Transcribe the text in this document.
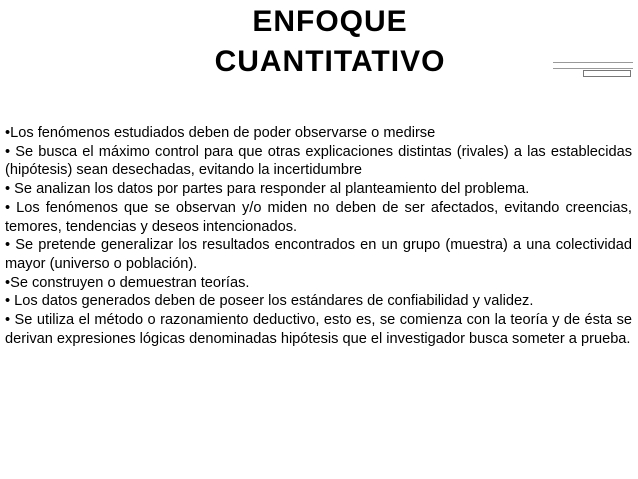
ENFOQUE
CUANTITATIVO

•Los fenómenos estudiados deben de poder observarse o medirse

• Se busca el máximo control para que otras explicaciones distintas (rivales) a las establecidas (hipótesis) sean desechadas, evitando la incertidumbre

• Se analizan los datos por partes para responder al planteamiento del problema.

• Los fenómenos que se observan y/o miden no deben de ser afectados, evitando creencias, temores, tendencias y deseos intencionados.

• Se pretende generalizar los resultados encontrados en un grupo (muestra) a una colectividad mayor (universo o población).

•Se construyen o demuestran teorías.

• Los datos generados deben de poseer los estándares de confiabilidad y validez.

• Se utiliza el método o razonamiento deductivo, esto es, se comienza con la teoría y de ésta se derivan expresiones lógicas denominadas hipótesis que el investigador busca someter a prueba.
